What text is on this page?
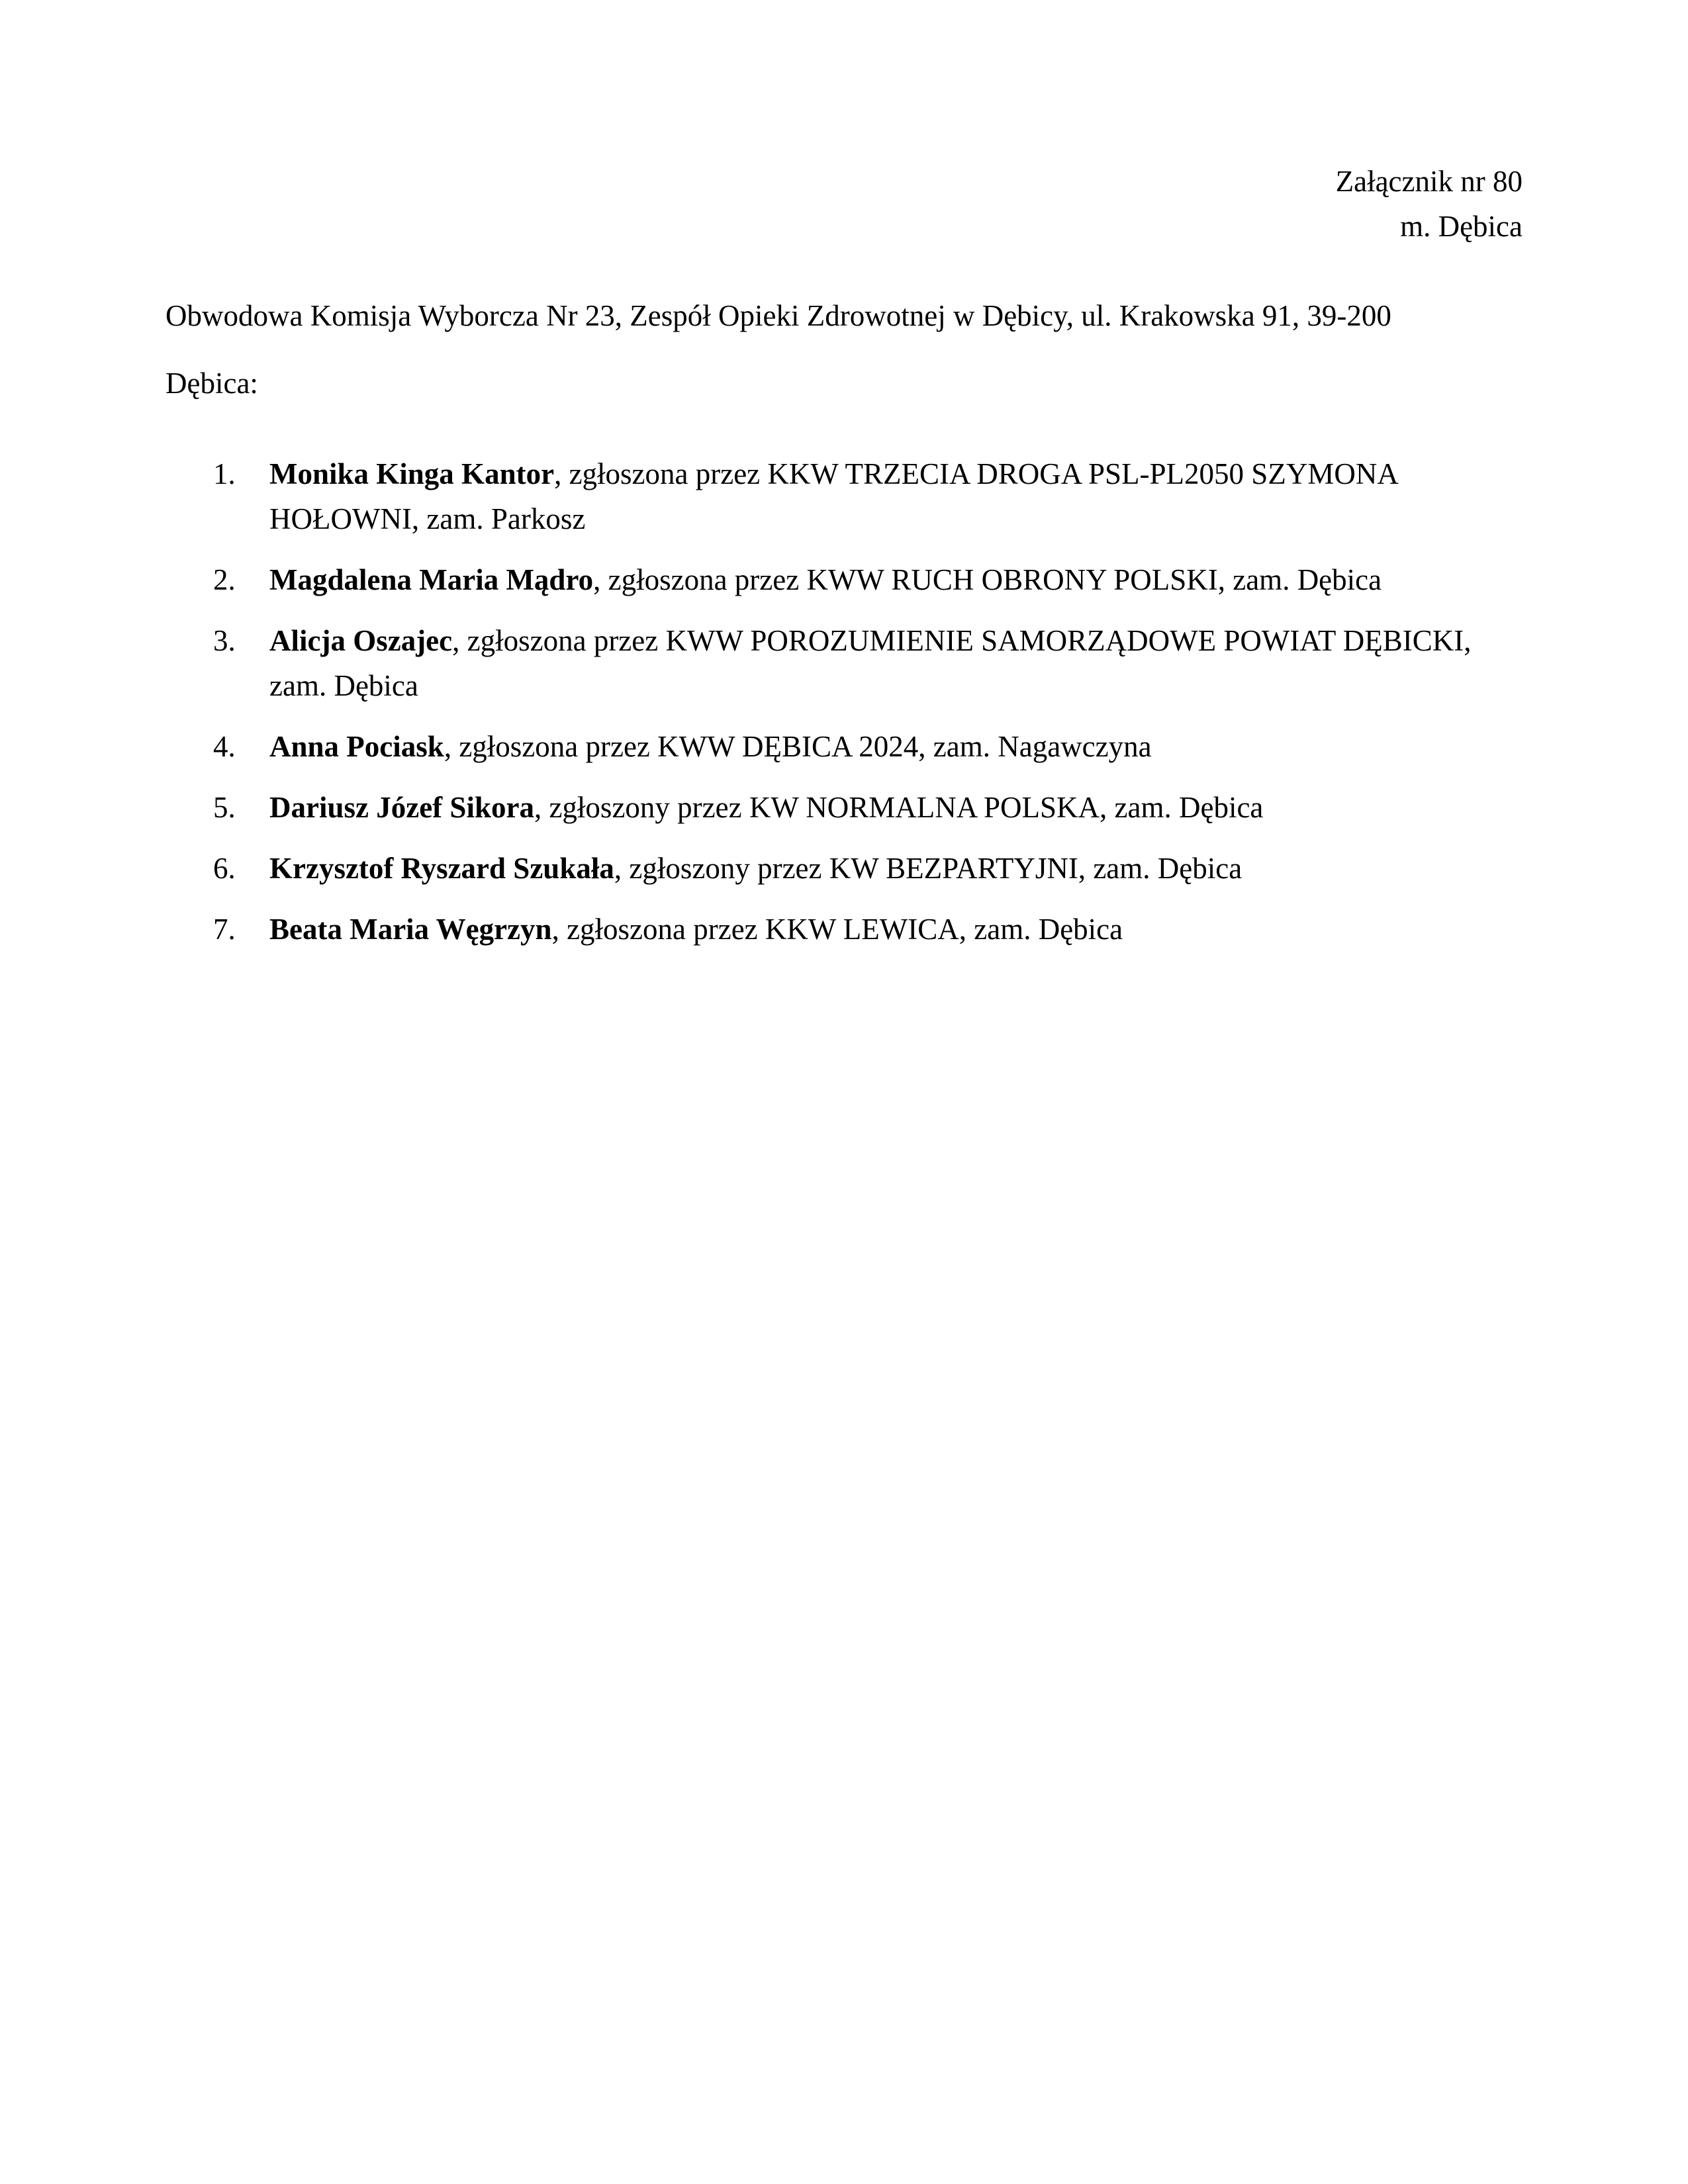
Załącznik nr 80
m. Dębica
Obwodowa Komisja Wyborcza Nr 23, Zespół Opieki Zdrowotnej w Dębicy, ul. Krakowska 91, 39-200 Dębica:
1. Monika Kinga Kantor, zgłoszona przez KKW TRZECIA DROGA PSL-PL2050 SZYMONA HOŁOWNI, zam. Parkosz
2. Magdalena Maria Mądro, zgłoszona przez KWW RUCH OBRONY POLSKI, zam. Dębica
3. Alicja Oszajec, zgłoszona przez KWW POROZUMIENIE SAMORZĄDOWE POWIAT DĘBICKI, zam. Dębica
4. Anna Pociask, zgłoszona przez KWW DĘBICA 2024, zam. Nagawczyna
5. Dariusz Józef Sikora, zgłoszony przez KW NORMALNA POLSKA, zam. Dębica
6. Krzysztof Ryszard Szukała, zgłoszony przez KW BEZPARTYJNI, zam. Dębica
7. Beata Maria Węgrzyn, zgłoszona przez KKW LEWICA, zam. Dębica
